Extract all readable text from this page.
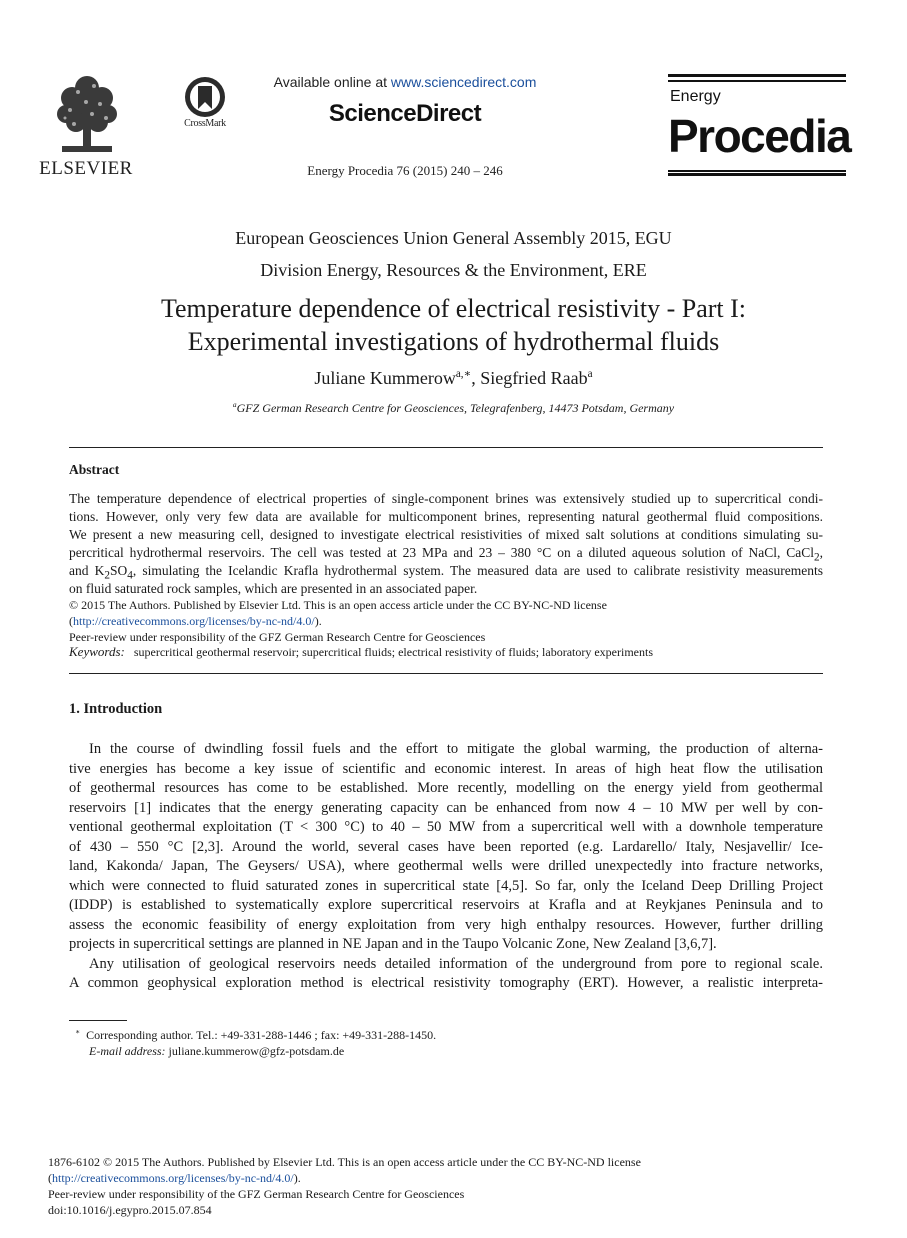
ELSEVIER
CrossMark
Available online at www.sciencedirect.com
ScienceDirect
Energy Procedia 76 (2015) 240 – 246
Energy
Procedia
European Geosciences Union General Assembly 2015, EGU
Division Energy, Resources & the Environment, ERE
Temperature dependence of electrical resistivity - Part I:
Experimental investigations of hydrothermal fluids
Juliane Kummerow$^{a,∗}$, Siegfried Raab$^a$
$^a$GFZ German Research Centre for Geosciences, Telegrafenberg, 14473 Potsdam, Germany
Abstract
The temperature dependence of electrical properties of single-component brines was extensively studied up to supercritical condi-
tions. However, only very few data are available for multicomponent brines, representing natural geothermal fluid compositions.
We present a new measuring cell, designed to investigate electrical resistivities of mixed salt solutions at conditions simulating su-
percritical hydrothermal reservoirs. The cell was tested at 23 MPa and 23 – 380 °C on a diluted aqueous solution of NaCl, CaCl$_2$,
and $K_2SO_4$, simulating the Icelandic Krafla hydrothermal system. The measured data are used to calibrate resistivity measurements
on fluid saturated rock samples, which are presented in an associated paper.
© 2015 The Authors. Published by Elsevier Ltd. This is an open access article under the CC BY-NC-ND license
(http://creativecommons.org/licenses/by-nc-nd/4.0/).
Peer-review under responsibility of the GFZ German Research Centre for Geosciences
Keywords: supercritical geothermal reservoir; supercritical fluids; electrical resistivity of fluids; laboratory experiments
1. Introduction
In the course of dwindling fossil fuels and the effort to mitigate the global warming, the production of alterna-
tive energies has become a key issue of scientific and economic interest. In areas of high heat flow the utilisation
of geothermal resources has come to be established. More recently, modelling on the energy yield from geothermal
reservoirs [1] indicates that the energy generating capacity can be enhanced from now 4 – 10 MW per well by con-
ventional geothermal exploitation (T < 300 °C) to 40 – 50 MW from a supercritical well with a downhole temperature
of 430 – 550 °C [2,3]. Around the world, several cases have been reported (e.g. Lardarello/ Italy, Nesjavellir/ Ice-
land, Kakonda/ Japan, The Geysers/ USA), where geothermal wells were drilled unexpectedly into fracture networks,
which were connected to fluid saturated zones in supercritical state [4,5]. So far, only the Iceland Deep Drilling Project
(IDDP) is established to systematically explore supercritical reservoirs at Krafla and at Reykjanes Peninsula and to
assess the economic feasibility of energy exploitation from very high enthalpy resources. However, further drilling
projects in supercritical settings are planned in NE Japan and in the Taupo Volcanic Zone, New Zealand [3,6,7].
Any utilisation of geological reservoirs needs detailed information of the underground from pore to regional scale.
A common geophysical exploration method is electrical resistivity tomography (ERT). However, a realistic interpreta-
∗ Corresponding author. Tel.: +49-331-288-1446 ; fax: +49-331-288-1450.
E-mail address: juliane.kummerow@gfz-potsdam.de
1876-6102 © 2015 The Authors. Published by Elsevier Ltd. This is an open access article under the CC BY-NC-ND license
(http://creativecommons.org/licenses/by-nc-nd/4.0/).
Peer-review under responsibility of the GFZ German Research Centre for Geosciences
doi:10.1016/j.egypro.2015.07.854
